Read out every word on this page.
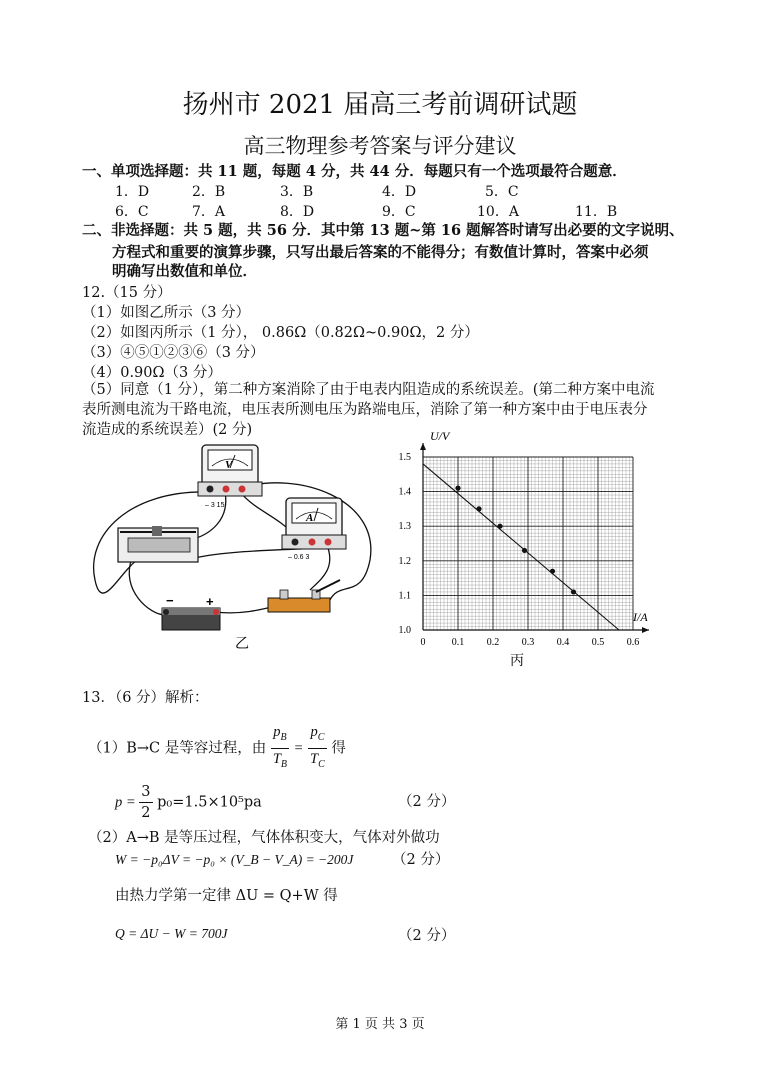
扬州市 2021 届高三考前调研试题
高三物理参考答案与评分建议
一、单项选择题：共 11 题，每题 4 分，共 44 分．每题只有一个选项最符合题意．
1．D	2．B	3．B	4．D	5．C
6．C	7．A	8．D	9．C	10．A	11．B
二、非选择题：共 5 题，共 56 分．其中第 13 题~第 16 题解答时请写出必要的文字说明、
方程式和重要的演算步骤，只写出最后答案的不能得分；有数值计算时，答案中必须
明确写出数值和单位．
12.（15 分）
（1）如图乙所示（3 分）
（2）如图丙所示（1 分）， 0.86Ω（0.82Ω~0.90Ω，2 分）
（3）④⑤①②③⑥（3 分）
（4）0.90Ω（3 分）
（5）同意（1 分），第二种方案消除了由于电表内阻造成的系统误差。(第二种方案中电流
表所测电流为干路电流，电压表所测电压为路端电压，消除了第一种方案中由于电压表分
流造成的系统误差）(2 分)
V
– 3 15
A
– 0.6 3
− +
乙	0	0.1 0.2 0.3 0.4 0.5 0.6
1.0
1.1
1.2
1.3
1.4
1.5
I/A
U/V
丙
13．（6 分）解析：
（1）B→C 是等容过程，由 $\frac{p_B}{T_B} = \frac{p_C}{T_C}$ 得
$p = \frac{3}{2} p_0=1.5\times 10^5pa$	（2 分）
（2）A→B 是等压过程，气体体积变大，气体对外做功
W = −p₀ΔV = −p₀ × (V_B − V_A) = −200J	（2 分）
由热力学第一定律 ΔU = Q+W 得
Q = ΔU − W = 700J	（2 分）
第 1 页 共 3 页
